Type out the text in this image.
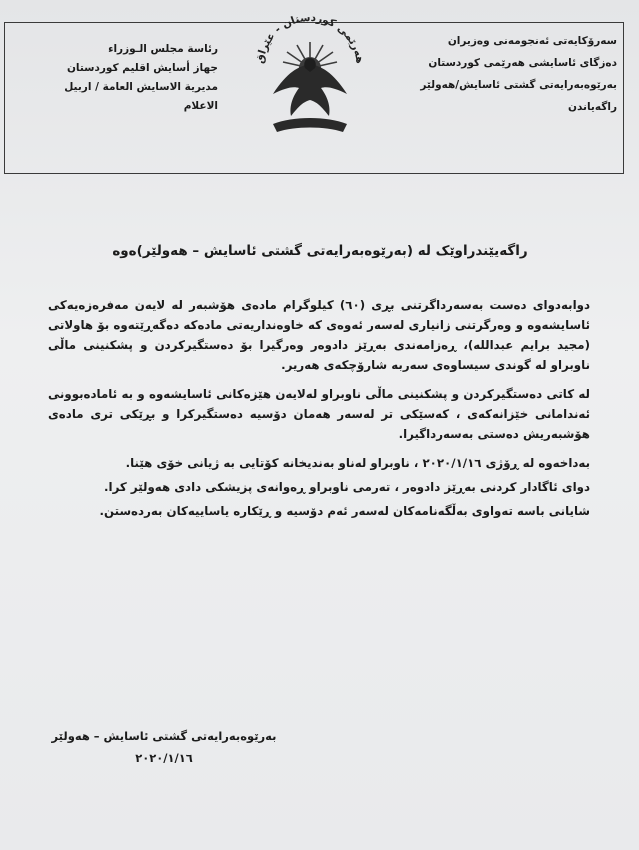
سەرۆکایەتی ئەنجومەنی وەزیران
دەزگای ئاسایشی هەرێمی کوردستان
بەرێوەبەرایەتی گشتی ئاسایش/هەولێر
راگەیاندن
رئاسة مجلس الـوزراء
جهاز أسايش اقليم كوردستان
مديرية الاسايش العامة / اربيل
الاعلام
هەرێمی کوردستان - عێراق
راگەیێندراوێک لە (بەرێوەبەرایەتی گشتی ئاسایش – هەولێر)ەوە

دوابەدوای دەست بەسەرداگرتنی بڕی (٦٠) کیلوگرام مادەی هۆشبەر لە لایەن مەفرەزەیەکی ئاسایشەوە و وەرگرتنی زانیاری لەسەر ئەوەی کە خاوەنداریەتی مادەکە دەگەڕێتەوە بۆ هاولاتی (مجید برایم عبدالله)، ڕەزامەندی بەڕێز دادوەر وەرگیرا بۆ دەستگیرکردن و پشکنینی ماڵی ناوبراو لە گوندی سیساوەی سەربە شارۆچکەی هەریر.

لە کاتی دەستگیرکردن و پشکنینی ماڵی ناوبراو لەلایەن هێزەکانی ئاسایشەوە و بە ئامادەبوونی ئەندامانی خێزانەکەی ، کەسێکی تر لەسەر هەمان دۆسیە دەستگیرکرا و بڕێکی تری مادەی هۆشبەریش دەستی بەسەرداگیرا.

بەداخەوە لە ڕۆژی ٢٠٢٠/١/١٦ ، ناوبراو لەناو بەندیخانە کۆتایی بە ژیانی خۆی هێنا.

دوای ئاگادار کردنی بەڕێز دادوەر ، تەرمی ناوبراو ڕەوانەی پزیشکی دادی هەولێر کرا.

شایانی باسە تەواوی بەڵگەنامەکان لەسەر ئەم دۆسیە و ڕێکارە یاساییەکان بەردەستن.

بەرێوەبەرایەتی گشتی ئاسایش – هەولێر
٢٠٢٠/١/١٦
